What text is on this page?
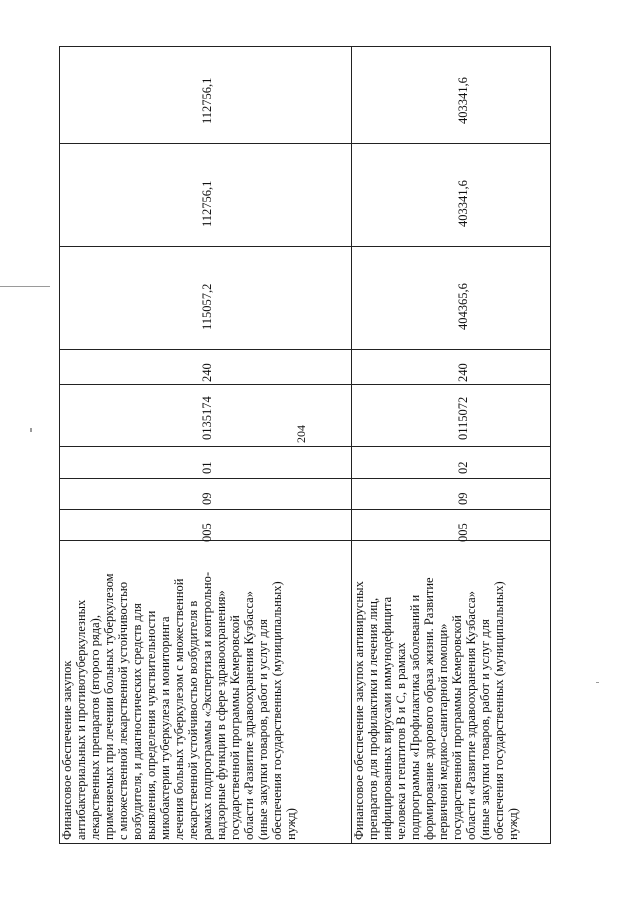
204
Финансовое обеспечение закупок антибактериальных и противотуберкулезных лекарственных препаратов (второго ряда), применяемых при лечении больных туберкулезом с множественной лекарственной устойчивостью возбудителя, и диагностических средств для выявления, определения чувствительности микобактерии туберкулеза и мониторинга лечения больных туберкулезом с множественной лекарственной устойчивостью возбудителя в рамках подпрограммы «Экспертиза и контрольно- надзорные функции в сфере здравоохранения» государственной программы Кемеровской области «Развитие здравоохранения Кузбасса» (иные закупки товаров, работ и услуг для обеспечения государственных (муниципальных) нужд)
005
09
01
0135174
240
115057,2
112756,1
112756,1
Финансовое обеспечение закупок антивирусных препаратов для профилактики и лечения лиц, инфицированных вирусами иммунодефицита человека и гепатитов B и C, в рамках подпрограммы «Профилактика заболеваний и формирование здорового образа жизни. Развитие первичной медико-санитарной помощи» государственной программы Кемеровской области «Развитие здравоохранения Кузбасса» (иные закупки товаров, работ и услуг для обеспечения государственных (муниципальных) нужд)
005
09
02
0115072
240
404365,6
403341,6
403341,6
